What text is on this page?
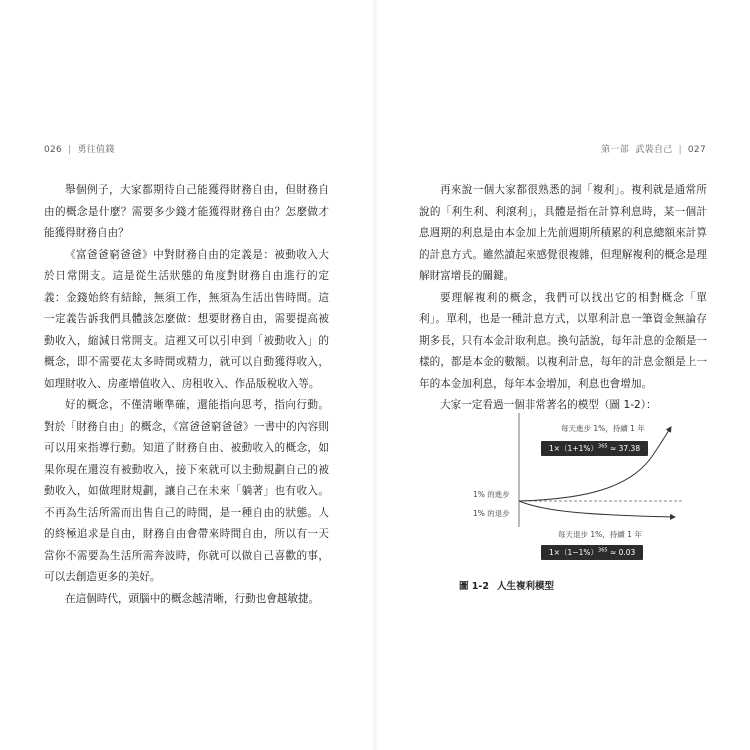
026 | 勇往值錢

舉個例子，大家都期待自己能獲得財務自由，但財務自由的概念是什麼？需要多少錢才能獲得財務自由？怎麼做才能獲得財務自由？

《富爸爸窮爸爸》中對財務自由的定義是：被動收入大於日常開支。這是從生活狀態的角度對財務自由進行的定義：金錢始終有結餘，無須工作，無須為生活出售時間。這一定義告訴我們具體該怎麼做：想要財務自由，需要提高被動收入，縮減日常開支。這裡又可以引申到「被動收入」的概念，即不需要花太多時間或精力，就可以自動獲得收入，如理財收入、房產增值收入、房租收入、作品版稅收入等。

好的概念，不僅清晰準確，還能指向思考，指向行動。對於「財務自由」的概念，《富爸爸窮爸爸》一書中的內容則可以用來指導行動。知道了財務自由、被動收入的概念，如果你現在還沒有被動收入，接下來就可以主動規劃自己的被動收入，如做理財規劃，讓自己在未來「躺著」也有收入。不再為生活所需而出售自己的時間，是一種自由的狀態。人的終極追求是自由，財務自由會帶來時間自由，所以有一天當你不需要為生活所需奔波時，你就可以做自己喜歡的事，可以去創造更多的美好。

在這個時代，頭腦中的概念越清晰，行動也會越敏捷。

第一部 武裝自己 | 027

再來說一個大家都很熟悉的詞「複利」。複利就是通常所說的「利生利、利滾利」，具體是指在計算利息時，某一個計息週期的利息是由本金加上先前週期所積累的利息總額來計算的計息方式。雖然讀起來感覺很複雜，但理解複利的概念是理解財富增長的關鍵。

要理解複利的概念，我們可以找出它的相對概念「單利」。單利，也是一種計息方式，以單利計息一筆資金無論存期多長，只有本金計取利息。換句話說，每年計息的金額是一樣的，都是本金的數額。以複利計息，每年的計息金額是上一年的本金加利息，每年本金增加，利息也會增加。

大家一定看過一個非常著名的模型（圖 1-2）：

每天進步 1%，持續 1 年
$1\times(1+1\%)^{365} \approx 37.38$
1% 的進步
1% 的退步
每天退步 1%，持續 1 年
$1\times(1-1\%)^{365} \approx 0.03$
圖 1-2 人生複利模型
